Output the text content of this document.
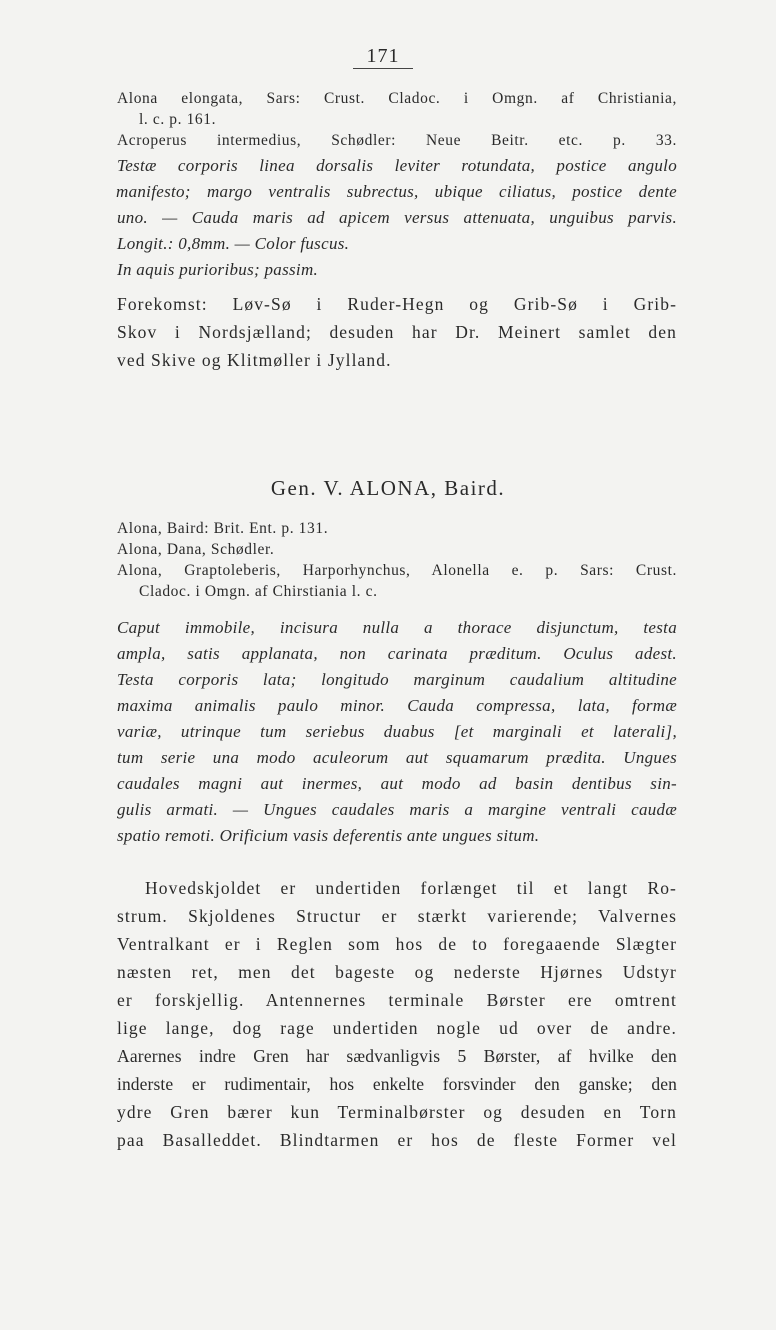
171

Alona elongata, Sars: Crust. Cladoc. i Omgn. af Christiania,

l. c. p. 161.

Acroperus intermedius, Schødler: Neue Beitr. etc. p. 33.

Testæ corporis linea dorsalis leviter rotundata, postice angulo

manifesto; margo ventralis subrectus, ubique ciliatus, postice dente

uno. — Cauda maris ad apicem versus attenuata, unguibus parvis.

Longit.: 0,8mm. — Color fuscus.

In aquis purioribus; passim.

Forekomst: Løv-Sø i Ruder-Hegn og Grib-Sø i Grib-

Skov i Nordsjælland; desuden har Dr. Meinert samlet den

ved Skive og Klitmøller i Jylland.

Gen. V. ALONA, Baird.

Alona, Baird: Brit. Ent. p. 131.

Alona, Dana, Schødler.

Alona, Graptoleberis, Harporhynchus, Alonella e. p. Sars: Crust.

Cladoc. i Omgn. af Chirstiania l. c.

Caput immobile, incisura nulla a thorace disjunctum, testa

ampla, satis applanata, non carinata præditum. Oculus adest.

Testa corporis lata; longitudo marginum caudalium altitudine

maxima animalis paulo minor. Cauda compressa, lata, formæ

variæ, utrinque tum seriebus duabus [et marginali et laterali],

tum serie una modo aculeorum aut squamarum prædita. Ungues

caudales magni aut inermes, aut modo ad basin dentibus sin-

gulis armati. — Ungues caudales maris a margine ventrali caudæ

spatio remoti. Orificium vasis deferentis ante ungues situm.

Hovedskjoldet er undertiden forlænget til et langt Ro-

strum. Skjoldenes Structur er stærkt varierende; Valvernes

Ventralkant er i Reglen som hos de to foregaaende Slægter

næsten ret, men det bageste og nederste Hjørnes Udstyr

er forskjellig. Antennernes terminale Børster ere omtrent

lige lange, dog rage undertiden nogle ud over de andre.

Aarernes indre Gren har sædvanligvis 5 Børster, af hvilke den

inderste er rudimentair, hos enkelte forsvinder den ganske; den

ydre Gren bærer kun Terminalbørster og desuden en Torn

paa Basalleddet. Blindtarmen er hos de fleste Former vel
